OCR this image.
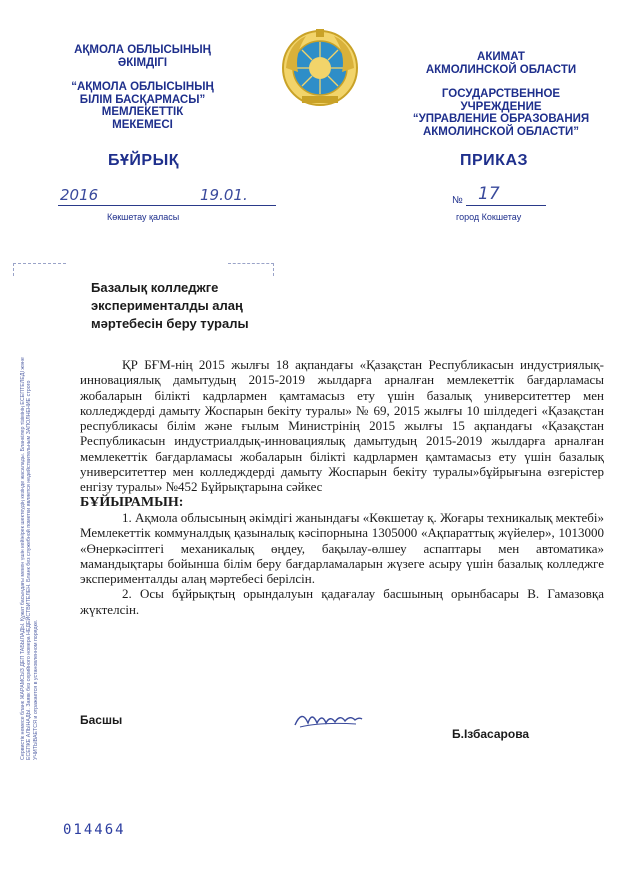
АҚМОЛА ОБЛЫСЫНЫҢ
ӘКІМДІГІ
“АҚМОЛА ОБЛЫСЫНЫҢ
БІЛІМ БАСҚАРМАСЫ”
МЕМЛЕКЕТТІК
МЕКЕМЕСІ
АКИМАТ
АКМОЛИНСКОЙ ОБЛАСТИ
ГОСУДАРСТВЕННОЕ
УЧРЕЖДЕНИЕ
“УПРАВЛЕНИЕ ОБРАЗОВАНИЯ
АКМОЛИНСКОЙ ОБЛАСТИ”
БҰЙРЫҚ	ПРИКАЗ
2016	19.01.
Көкшетау қаласы
№ 17
город Кокшетау
Базалық колледжге эксперименталды алаң мәртебесін беру туралы

ҚР БҒМ-нің 2015 жылғы 18 ақпандағы «Қазақстан Республикасын индустриялық-инновациялық дамытудың 2015-2019 жылдарға арналған мемлекеттік бағдарламасы жобаларын білікті кадрлармен қамтамасыз ету үшін базалық университеттер мен колледждерді дамыту Жоспарын бекіту туралы» № 69, 2015 жылғы 10 шілдедегі «Қазақстан республикасы білім және ғылым Министрінің 2015 жылғы 15 ақпандағы «Қазақстан Республикасын индустриалдық-инновациялық дамытудың 2015-2019 жылдарға арналған мемлекеттік бағдарламасы жобаларын білікті кадрлармен қамтамасыз ету үшін базалық университеттер мен колледждерді дамыту Жоспарын бекіту туралы»бұйрығына өзгерістер енгізу туралы» №452 Бұйрықтарына сәйкес

БҰЙЫРАМЫН:

1. Ақмола облысының әкімдігі жанындағы «Көкшетау қ. Жоғары техникалық мектебі» Мемлекеттік коммуналдық қазыналық кәсіпорнына 1305000 «Ақпараттық жүйелер», 1013000 «Өнеркәсіптегі механикалық өңдеу, бақылау-өлшеу аспаптары мен автоматика» мамандықтары бойынша білім беру бағдарламаларын жүзеге асыру үшін базалық колледжге эксперименталды алаң мәртебесі берілсін.

2. Осы бұйрықтың орындалуын қадағалау басшының орынбасары В. Гамазовқа жүктелсін.

Басшы
Б.Ізбасарова
Сервистік немесе бланк ЖАРАМСЫЗ ДЕП ТАБЫЛАДЫ. Құжат басындағы мекен үшін кейінірек шектеудің кезінде жасалады. Бланкілер тізімінің ЕСЕПТЕЛЕДІ және ЕСЕПКЕ АЛЫНАДЫ. Заявк без серийного номера НЕДЕЙСТВИТЕЛЕН. Бланк без служебной пометки является недействительным ЗАПОЛНЕНИЕ строго УЧИТЫВАЕТСЯ и отражается в установленном порядке.
014464
